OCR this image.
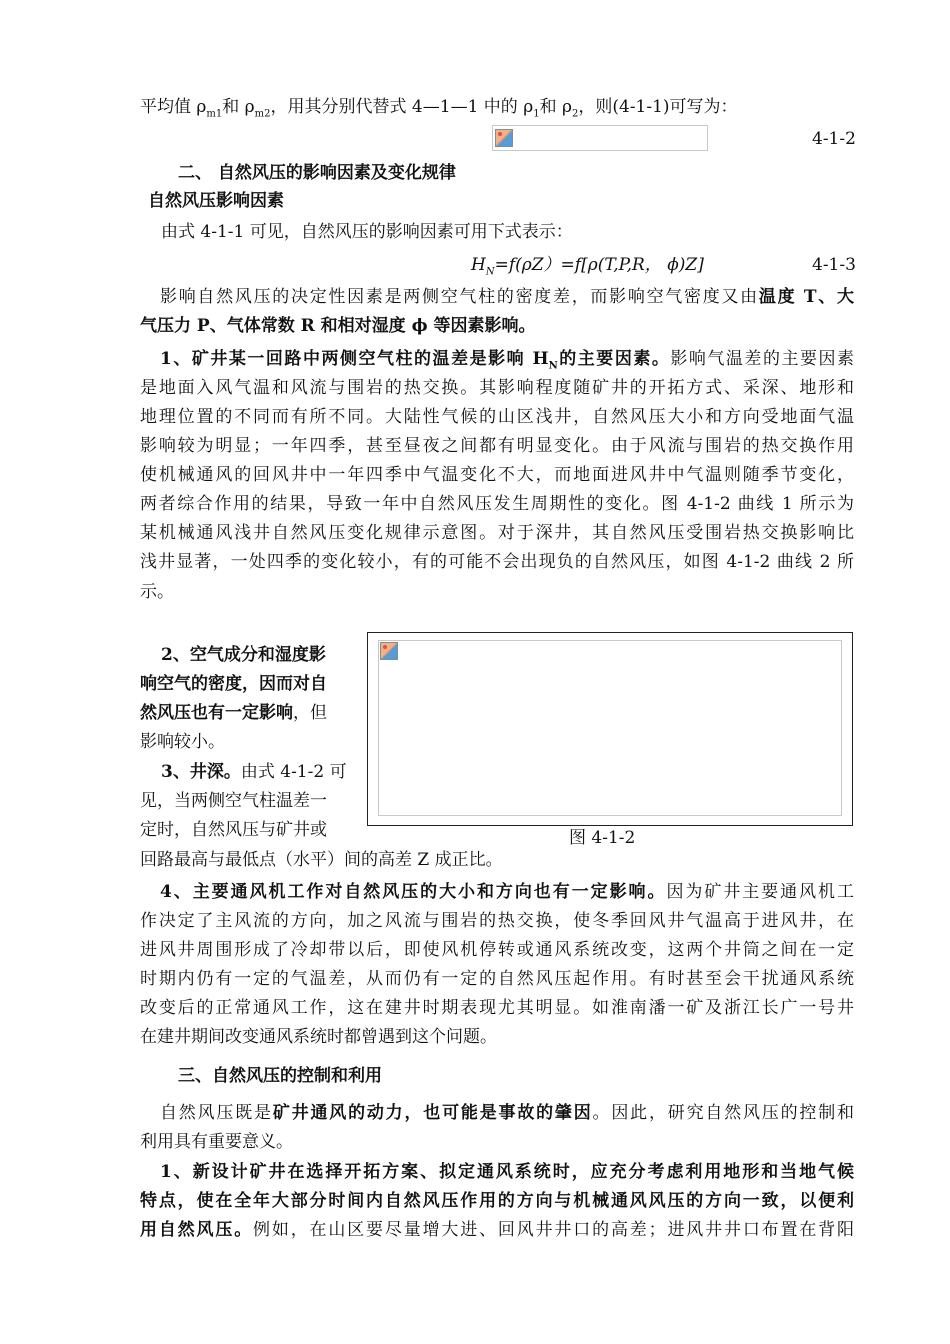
平均值 $\rho_{m1}$和 $\rho_{m2}$，用其分别代替式 4—1—1 中的 $\rho_1$和 $\rho_2$，则(4-1-1)可写为：
4-1-2
二、 自然风压的影响因素及变化规律
自然风压影响因素
由式 4-1-1 可见，自然风压的影响因素可用下式表示：
$H_N=f(\rho Z)=f[\rho(T,P,R$， ϕ)Z]	4-1-3
影响自然风压的决定性因素是两侧空气柱的密度差，而影响空气密度又由温度 T、大
气压力 P、气体常数 R 和相对湿度 ϕ 等因素影响。
1、矿井某一回路中两侧空气柱的温差是影响 $H_N$的主要因素。影响气温差的主要因素
是地面入风气温和风流与围岩的热交换。其影响程度随矿井的开拓方式、采深、地形和
地理位置的不同而有所不同。大陆性气候的山区浅井，自然风压大小和方向受地面气温
影响较为明显；一年四季，甚至昼夜之间都有明显变化。由于风流与围岩的热交换作用
使机械通风的回风井中一年四季中气温变化不大，而地面进风井中气温则随季节变化，
两者综合作用的结果，导致一年中自然风压发生周期性的变化。图 4-1-2 曲线 1 所示为
某机械通风浅井自然风压变化规律示意图。对于深井，其自然风压受围岩热交换影响比
浅井显著，一处四季的变化较小，有的可能不会出现负的自然风压，如图 4-1-2 曲线 2 所
示。
2、空气成分和湿度影
响空气的密度，因而对自
然风压也有一定影响，但
影响较小。
3、井深。由式 4-1-2 可
见，当两侧空气柱温差一
定时，自然风压与矿井或
回路最高与最低点（水平）间的高差 Z 成正比。
图 4-1-2
4、主要通风机工作对自然风压的大小和方向也有一定影响。因为矿井主要通风机工
作决定了主风流的方向，加之风流与围岩的热交换，使冬季回风井气温高于进风井，在
进风井周围形成了冷却带以后，即使风机停转或通风系统改变，这两个井筒之间在一定
时期内仍有一定的气温差，从而仍有一定的自然风压起作用。有时甚至会干扰通风系统
改变后的正常通风工作，这在建井时期表现尤其明显。如淮南潘一矿及浙江长广一号井
在建井期间改变通风系统时都曾遇到这个问题。
三、自然风压的控制和利用
自然风压既是矿井通风的动力，也可能是事故的肇因。因此，研究自然风压的控制和
利用具有重要意义。
1、新设计矿井在选择开拓方案、拟定通风系统时，应充分考虑利用地形和当地气候
特点，使在全年大部分时间内自然风压作用的方向与机械通风风压的方向一致，以便利
用自然风压。例如，在山区要尽量增大进、回风井井口的高差；进风井井口布置在背阳
